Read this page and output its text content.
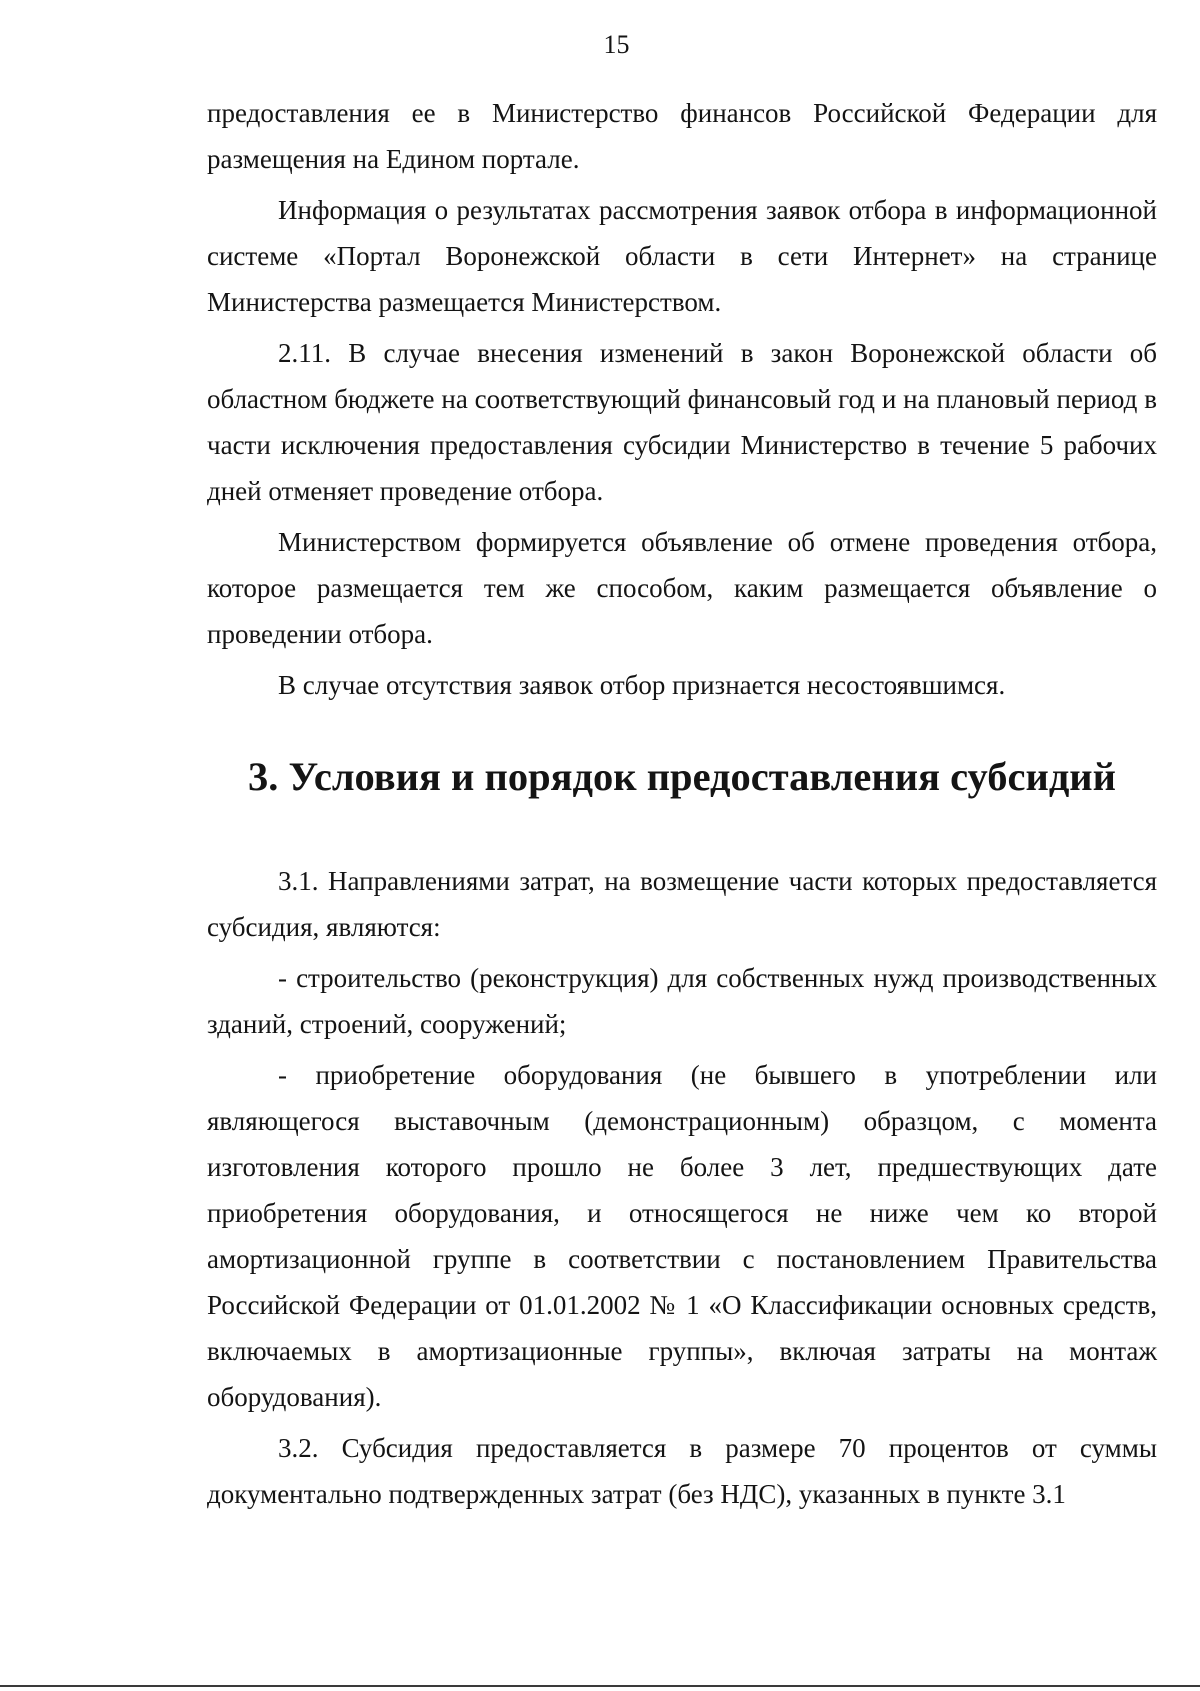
15

предоставления ее в Министерство финансов Российской Федерации для размещения на Едином портале.

Информация о результатах рассмотрения заявок отбора в информационной системе «Портал Воронежской области в сети Интернет» на странице Министерства размещается Министерством.

2.11. В случае внесения изменений в закон Воронежской области об областном бюджете на соответствующий финансовый год и на плановый период в части исключения предоставления субсидии Министерство в течение 5 рабочих дней отменяет проведение отбора.

Министерством формируется объявление об отмене проведения отбора, которое размещается тем же способом, каким размещается объявление о проведении отбора.

В случае отсутствия заявок отбор признается несостоявшимся.

3. Условия и порядок предоставления субсидий

3.1. Направлениями затрат, на возмещение части которых предоставляется субсидия, являются:

- строительство (реконструкция) для собственных нужд производственных зданий, строений, сооружений;

- приобретение оборудования (не бывшего в употреблении или являющегося выставочным (демонстрационным) образцом, с момента изготовления которого прошло не более 3 лет, предшествующих дате приобретения оборудования, и относящегося не ниже чем ко второй амортизационной группе в соответствии с постановлением Правительства Российской Федерации от 01.01.2002 № 1 «О Классификации основных средств, включаемых в амортизационные группы», включая затраты на монтаж оборудования).

3.2. Субсидия предоставляется в размере 70 процентов от суммы документально подтвержденных затрат (без НДС), указанных в пункте 3.1
